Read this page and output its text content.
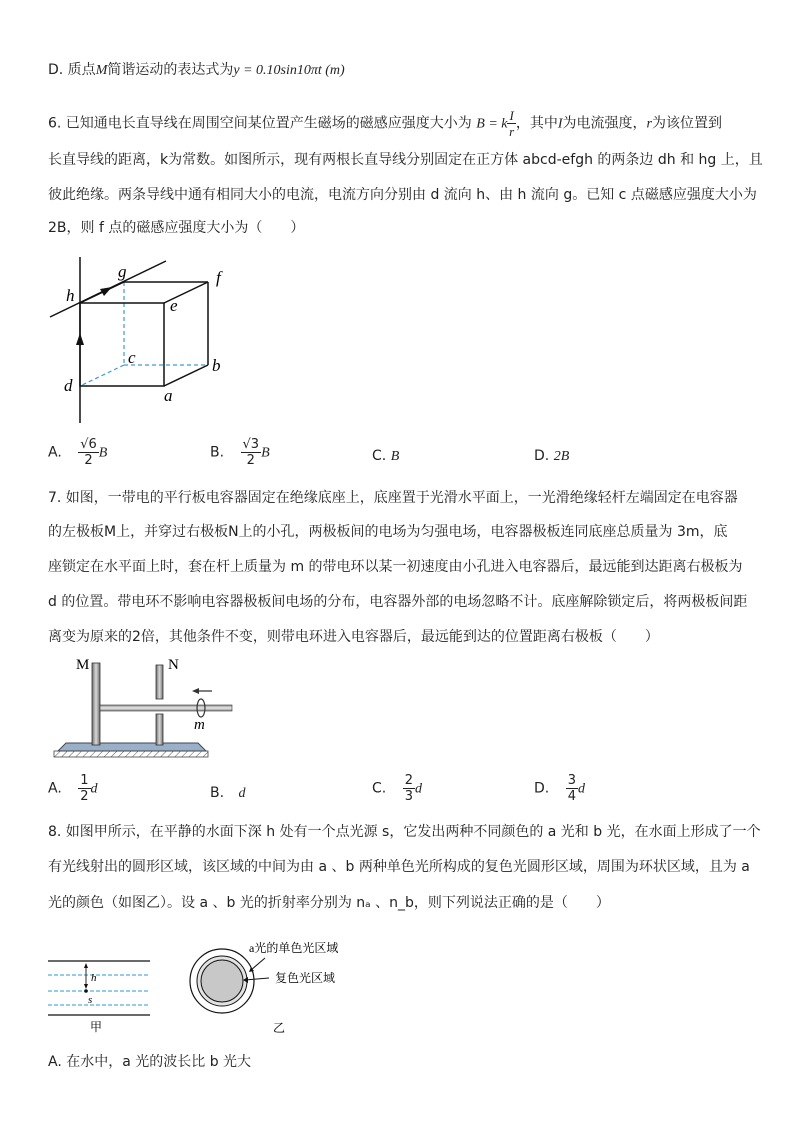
D. 质点M简谐运动的表达式为y = 0.10sin10πt (m)
6. 已知通电长直导线在周围空间某位置产生磁场的磁感应强度大小为 B = k $\frac{I}{r}$ ，其中I为电流强度，r为该位置到
长直导线的距离，k为常数。如图所示，现有两根长直导线分别固定在正方体 abcd-efgh 的两条边 dh 和 hg 上，且
彼此绝缘。两条导线中通有相同大小的电流，电流方向分别由 d 流向 h、由 h 流向 g。已知 c 点磁感应强度大小为
2B，则 f 点的磁感应强度大小为（　　）
g	f
h
e
c	b
d
a
A. $\frac{√6}{2}$ B	B. $\frac{√3}{2}$ B	C. B	D. 2B
7. 如图，一带电的平行板电容器固定在绝缘底座上，底座置于光滑水平面上，一光滑绝缘轻杆左端固定在电容器
的左极板M上，并穿过右极板N上的小孔，两极板间的电场为匀强电场，电容器极板连同底座总质量为 3m，底
座锁定在水平面上时，套在杆上质量为 m 的带电环以某一初速度由小孔进入电容器后，最远能到达距离右极板为
d 的位置。带电环不影响电容器极板间电场的分布，电容器外部的电场忽略不计。底座解除锁定后，将两极板间距
离变为原来的2倍，其他条件不变，则带电环进入电容器后，最远能到达的位置距离右极板（　　）
M	N
m
A. $\frac{1}{2}$ d	B. d	C. $\frac{2}{3}$ d	D. $\frac{3}{4}$ d
8. 如图甲所示，在平静的水面下深 h 处有一个点光源 s，它发出两种不同颜色的 a 光和 b 光，在水面上形成了一个
有光线射出的圆形区域，该区域的中间为由 a 、b 两种单色光所构成的复色光圆形区域，周围为环状区域，且为 a
光的颜色（如图乙）。设 a 、b 光的折射率分别为 nₐ 、n_b，则下列说法正确的是（　　）
h
s
甲
a光的单色光区域
复色光区域
乙
A. 在水中，a 光的波长比 b 光大
